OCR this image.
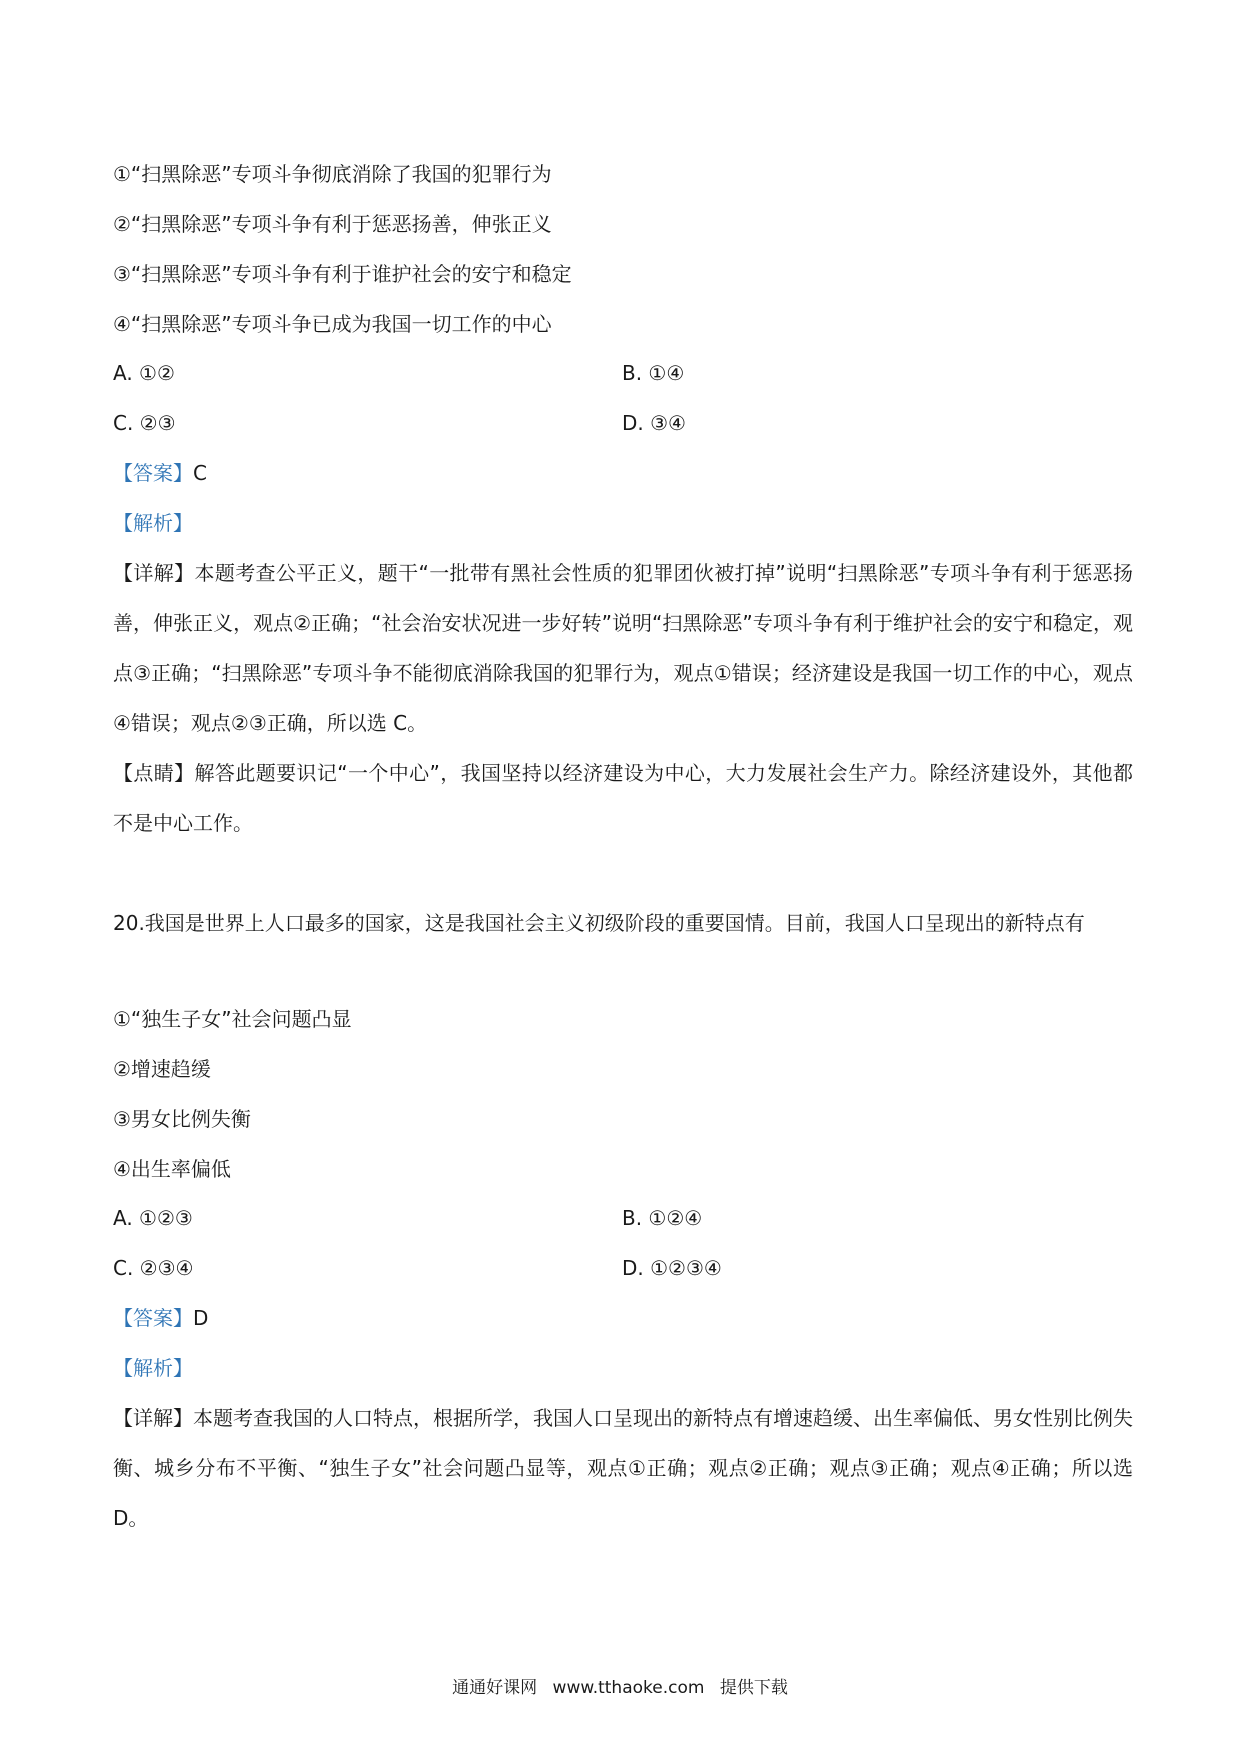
①“扫黑除恶”专项斗争彻底消除了我国的犯罪行为
②“扫黑除恶”专项斗争有利于惩恶扬善，伸张正义
③“扫黑除恶”专项斗争有利于谁护社会的安宁和稳定
④“扫黑除恶”专项斗争已成为我国一切工作的中心
A. ①②	B. ①④
C. ②③	D. ③④
【答案】C
【解析】
【详解】本题考查公平正义，题干“一批带有黑社会性质的犯罪团伙被打掉”说明“扫黑除恶”专项斗争有利于惩恶扬善，伸张正义，观点②正确；“社会治安状况进一步好转”说明“扫黑除恶”专项斗争有利于维护社会的安宁和稳定，观点③正确；“扫黑除恶”专项斗争不能彻底消除我国的犯罪行为，观点①错误；经济建设是我国一切工作的中心，观点④错误；观点②③正确，所以选 C。
【点睛】解答此题要识记“一个中心”，我国坚持以经济建设为中心，大力发展社会生产力。除经济建设外，其他都不是中心工作。
20.我国是世界上人口最多的国家，这是我国社会主义初级阶段的重要国情。目前，我国人口呈现出的新特点有
①“独生子女”社会问题凸显
②增速趋缓
③男女比例失衡
④出生率偏低
A. ①②③	B. ①②④
C. ②③④	D. ①②③④
【答案】D
【解析】
【详解】本题考查我国的人口特点，根据所学，我国人口呈现出的新特点有增速趋缓、出生率偏低、男女性别比例失衡、城乡分布不平衡、“独生子女”社会问题凸显等，观点①正确；观点②正确；观点③正确；观点④正确；所以选 D。
通通好课网 www.tthaoke.com 提供下载
